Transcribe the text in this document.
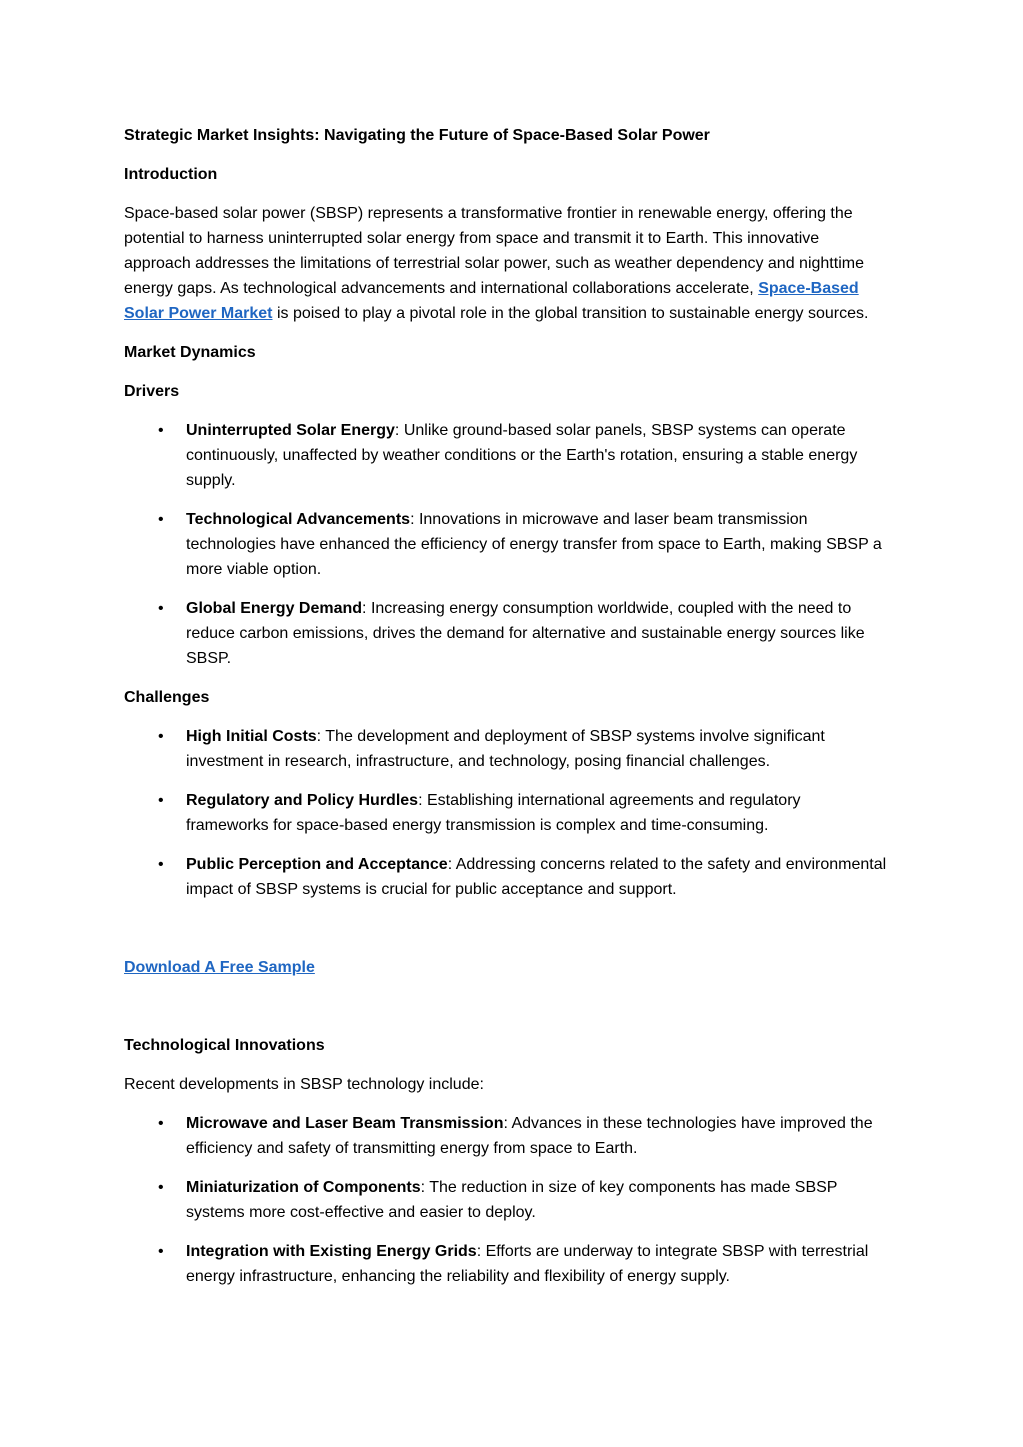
Strategic Market Insights: Navigating the Future of Space-Based Solar Power
Introduction

Space-based solar power (SBSP) represents a transformative frontier in renewable energy, offering the potential to harness uninterrupted solar energy from space and transmit it to Earth. This innovative approach addresses the limitations of terrestrial solar power, such as weather dependency and nighttime energy gaps. As technological advancements and international collaborations accelerate, Space-Based Solar Power Market is poised to play a pivotal role in the global transition to sustainable energy sources.

Market Dynamics
Drivers
• Uninterrupted Solar Energy: Unlike ground-based solar panels, SBSP systems can operate continuously, unaffected by weather conditions or the Earth's rotation, ensuring a stable energy supply.
• Technological Advancements: Innovations in microwave and laser beam transmission technologies have enhanced the efficiency of energy transfer from space to Earth, making SBSP a more viable option.
• Global Energy Demand: Increasing energy consumption worldwide, coupled with the need to reduce carbon emissions, drives the demand for alternative and sustainable energy sources like SBSP.
Challenges
• High Initial Costs: The development and deployment of SBSP systems involve significant investment in research, infrastructure, and technology, posing financial challenges.
• Regulatory and Policy Hurdles: Establishing international agreements and regulatory frameworks for space-based energy transmission is complex and time-consuming.
• Public Perception and Acceptance: Addressing concerns related to the safety and environmental impact of SBSP systems is crucial for public acceptance and support.
Download A Free Sample
Technological Innovations

Recent developments in SBSP technology include:

• Microwave and Laser Beam Transmission: Advances in these technologies have improved the efficiency and safety of transmitting energy from space to Earth.
• Miniaturization of Components: The reduction in size of key components has made SBSP systems more cost-effective and easier to deploy.
• Integration with Existing Energy Grids: Efforts are underway to integrate SBSP with terrestrial energy infrastructure, enhancing the reliability and flexibility of energy supply.
